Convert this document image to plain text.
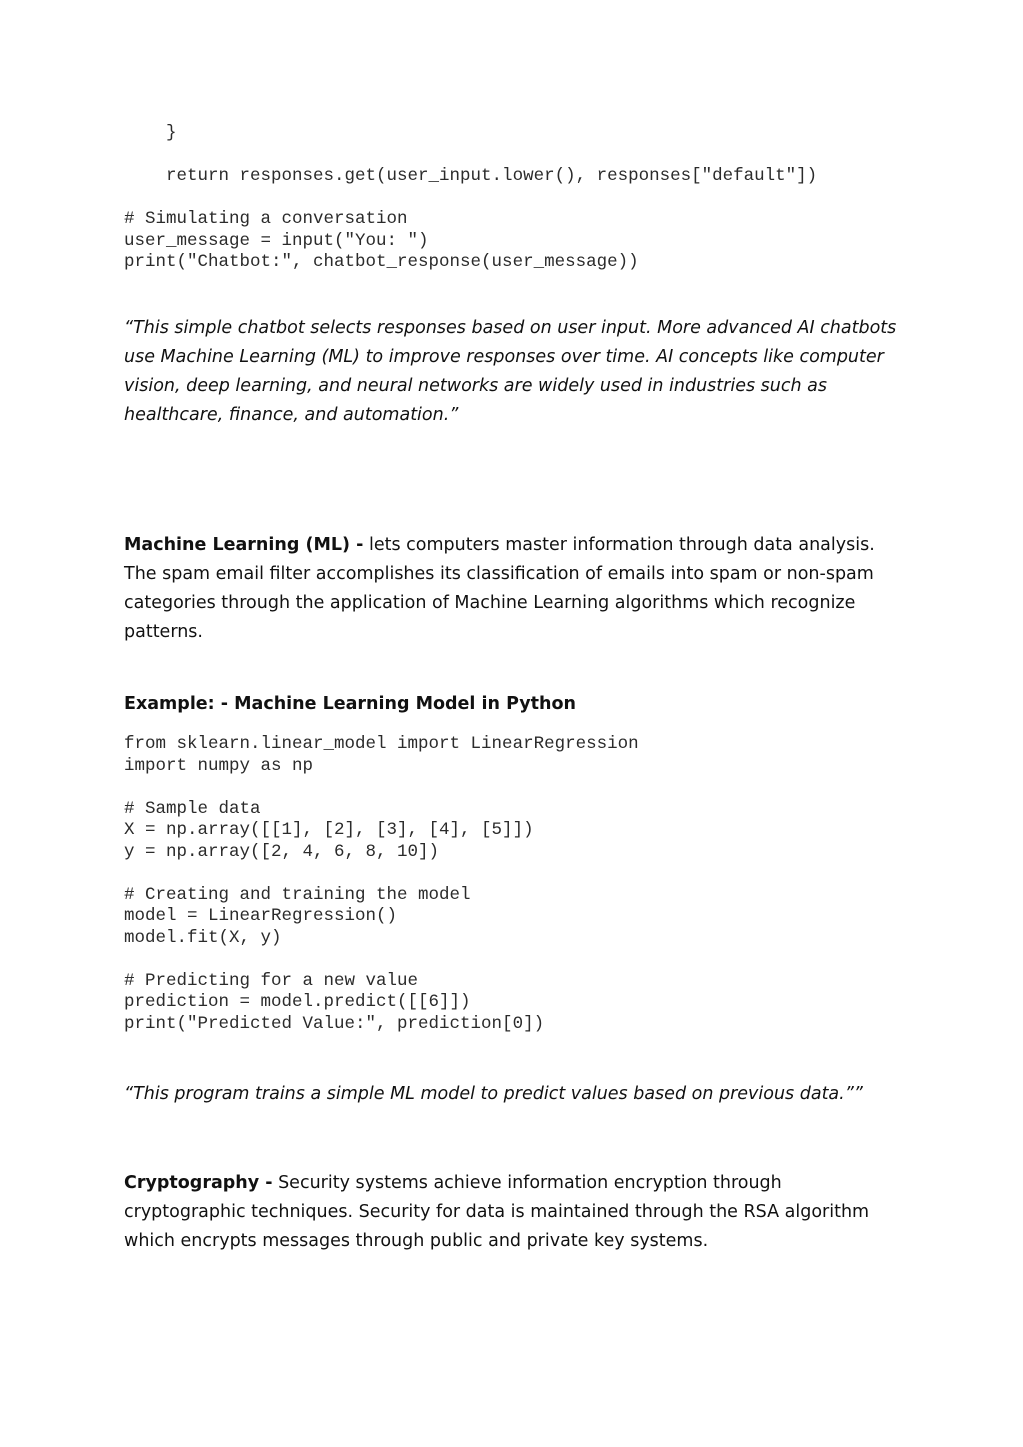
}
return responses.get(user_input.lower(), responses["default"])
# Simulating a conversation
user_message = input("You: ")
print("Chatbot:", chatbot_response(user_message))

“This simple chatbot selects responses based on user input. More advanced AI chatbots use Machine Learning (ML) to improve responses over time. AI concepts like computer vision, deep learning, and neural networks are widely used in industries such as healthcare, finance, and automation.”

Machine Learning (ML) - lets computers master information through data analysis. The spam email filter accomplishes its classification of emails into spam or non-spam categories through the application of Machine Learning algorithms which recognize patterns.

Example: - Machine Learning Model in Python
from sklearn.linear_model import LinearRegression
import numpy as np
# Sample data
X = np.array([[1], [2], [3], [4], [5]])
y = np.array([2, 4, 6, 8, 10])
# Creating and training the model
model = LinearRegression()
model.fit(X, y)
# Predicting for a new value
prediction = model.predict([[6]])
print("Predicted Value:", prediction[0])

“This program trains a simple ML model to predict values based on previous data.””

Cryptography - Security systems achieve information encryption through cryptographic techniques. Security for data is maintained through the RSA algorithm which encrypts messages through public and private key systems.
